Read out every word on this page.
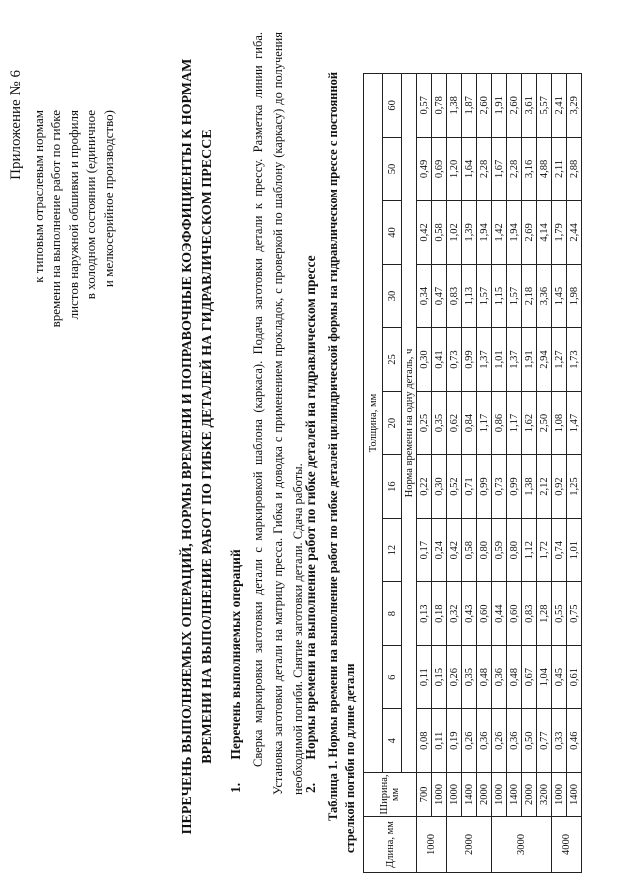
Приложение № 6 к типовым отраслевым нормам времени на выполнение работ по гибке листов наружной обшивки и профиля в холодном состоянии (единичное и мелкосерийное производство)	ПЕРЕЧЕНЬ ВЫПОЛНЯЕМЫХ ОПЕРАЦИЙ, НОРМЫ ВРЕМЕНИ И ПОПРАВОЧНЫЕ КОЭФФИЦИЕНТЫ К НОРМАМ ВРЕМЕНИ НА ВЫПОЛНЕНИЕ РАБОТ ПО ГИБКЕ ДЕТАЛЕЙ НА ГИДРАВЛИЧЕСКОМ ПРЕССЕ
1. Перечень выполняемых операций Сверка маркировки заготовки детали с маркировкой шаблона (каркаса). Подача заготовки детали к прессу. Разметка линии гиба. Установка заготовки детали на матрицу пресса. Гибка и доводка с применением прокладок, с проверкой по шаблону (каркасу) до получения необходимой погиби. Снятие заготовки детали. Сдача работы.
2. Нормы времени на выполнение работ по гибке деталей на гидравлическом прессе Таблица 1. Нормы времени на выполнение работ по гибке деталей цилиндрической формы на гидравлическом прессе с постоянной стрелкой погиби по длине детали	Длина, мм	Ширина, мм	Толщина, мм										
		4	6	8	12	16	20	25	30	40	50	60
		Норма времени на одну деталь, ч										
1000	700	0,08	0,11	0,13	0,17	0,22	0,25	0,30	0,34	0,42	0,49	0,57
	1000	0,11	0,15	0,18	0,24	0,30	0,35	0,41	0,47	0,58	0,69	0,78
2000	1000	0,19	0,26	0,32	0,42	0,52	0,62	0,73	0,83	1,02	1,20	1,38
	1400	0,26	0,35	0,43	0,58	0,71	0,84	0,99	1,13	1,39	1,64	1,87
	2000	0,36	0,48	0,60	0,80	0,99	1,17	1,37	1,57	1,94	2,28	2,60
3000	1000	0,26	0,36	0,44	0,59	0,73	0,86	1,01	1,15	1,42	1,67	1,91
	1400	0,36	0,48	0,60	0,80	0,99	1,17	1,37	1,57	1,94	2,28	2,60
	2000	0,50	0,67	0,83	1,12	1,38	1,62	1,91	2,18	2,69	3,16	3,61
	3200	0,77	1,04	1,28	1,72	2,12	2,50	2,94	3,36	4,14	4,88	5,57
4000	1000	0,33	0,45	0,55	0,74	0,92	1,08	1,27	1,45	1,79	2,11	2,41
	1400	0,46	0,61	0,75	1,01	1,25	1,47	1,73	1,98	2,44	2,88	3,29
